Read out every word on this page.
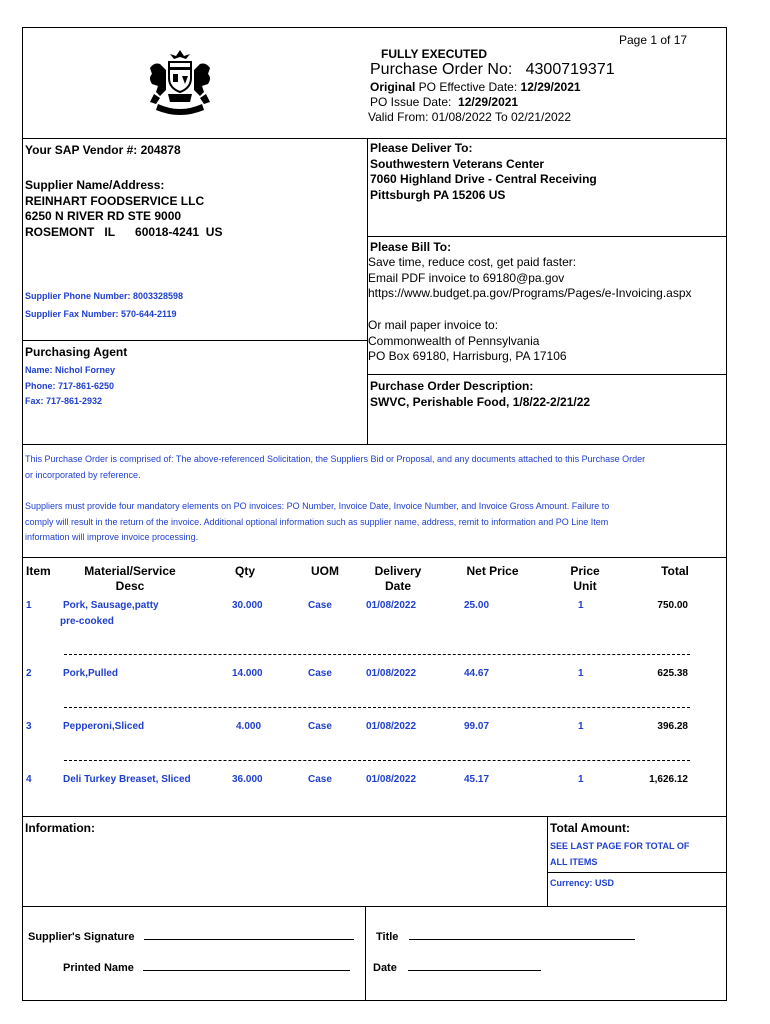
Page 1 of 17
FULLY EXECUTED
Purchase Order No: 4300719371
Original PO Effective Date: 12/29/2021
PO Issue Date: 12/29/2021
Valid From: 01/08/2022 To 02/21/2022
Your SAP Vendor #: 204878
Supplier Name/Address:
REINHART FOODSERVICE LLC
6250 N RIVER RD STE 9000
ROSEMONT IL 60018-4241 US
Supplier Phone Number: 8003328598
Supplier Fax Number: 570-644-2119
Purchasing Agent
Name: Nichol Forney
Phone: 717-861-6250
Fax: 717-861-2932
Please Deliver To:
Southwestern Veterans Center
7060 Highland Drive - Central Receiving
Pittsburgh PA 15206 US
Please Bill To:
Save time, reduce cost, get paid faster:
Email PDF invoice to 69180@pa.gov
https://www.budget.pa.gov/Programs/Pages/e-Invoicing.aspx
Or mail paper invoice to:
Commonwealth of Pennsylvania
PO Box 69180, Harrisburg, PA 17106
Purchase Order Description:
SWVC, Perishable Food, 1/8/22-2/21/22
This Purchase Order is comprised of: The above-referenced Solicitation, the Suppliers Bid or Proposal, and any documents attached to this Purchase Order
or incorporated by reference.
Suppliers must provide four mandatory elements on PO invoices: PO Number, Invoice Date, Invoice Number, and Invoice Gross Amount. Failure to
comply will result in the return of the invoice. Additional optional information such as supplier name, address, remit to information and PO Line Item
information will improve invoice processing.
Item	Material/Service
Desc
Qty	UOM	Delivery
Date
Net Price	Price
Unit
Total
1	Pork, Sausage,patty
pre-cooked
30.000	Case	01/08/2022	25.00	1	750.00
2	Pork,Pulled	14.000	Case	01/08/2022	44.67	1	625.38
3	Pepperoni,Sliced	4.000	Case	01/08/2022	99.07	1	396.28
4	Deli Turkey Breaset, Sliced	36.000	Case	01/08/2022	45.17	1	1,626.12
Information:	Total Amount:
SEE LAST PAGE FOR TOTAL OF
ALL ITEMS
Currency: USD
Supplier's Signature
Printed Name
Title
Date
